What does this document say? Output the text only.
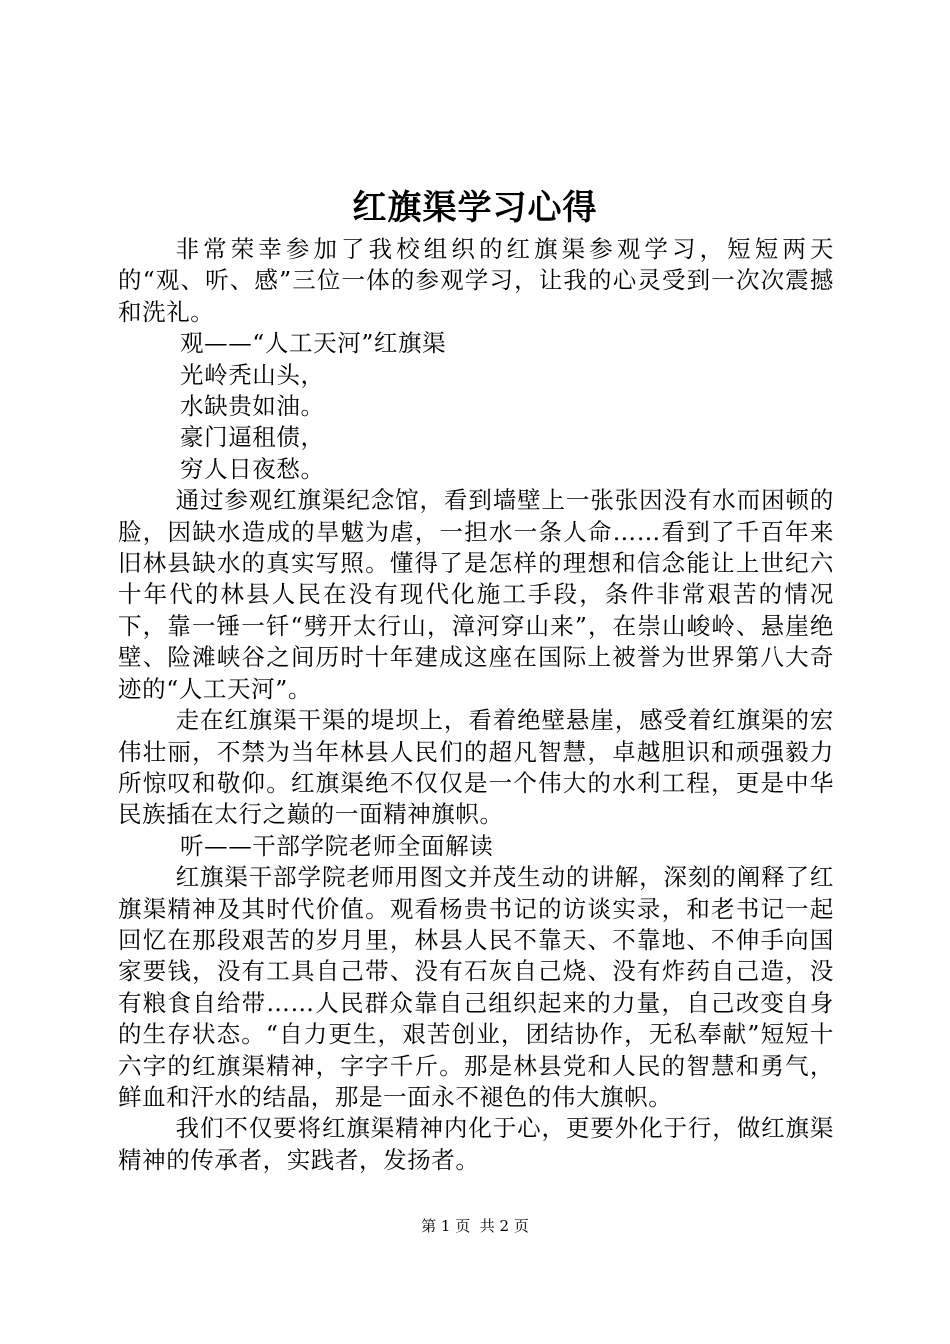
红旗渠学习心得

非常荣幸参加了我校组织的红旗渠参观学习，短短两天的“观、听、感”三位一体的参观学习，让我的心灵受到一次次震撼和洗礼。

观——“人工天河”红旗渠

光岭秃山头，

水缺贵如油。

豪门逼租债，

穷人日夜愁。

通过参观红旗渠纪念馆，看到墙壁上一张张因没有水而困顿的脸，因缺水造成的旱魃为虐，一担水一条人命……看到了千百年来旧林县缺水的真实写照。懂得了是怎样的理想和信念能让上世纪六十年代的林县人民在没有现代化施工手段，条件非常艰苦的情况下，靠一锤一钎“劈开太行山，漳河穿山来”，在崇山峻岭、悬崖绝壁、险滩峡谷之间历时十年建成这座在国际上被誉为世界第八大奇迹的“人工天河”。

走在红旗渠干渠的堤坝上，看着绝壁悬崖，感受着红旗渠的宏伟壮丽，不禁为当年林县人民们的超凡智慧，卓越胆识和顽强毅力所惊叹和敬仰。红旗渠绝不仅仅是一个伟大的水利工程，更是中华民族插在太行之巅的一面精神旗帜。

听——干部学院老师全面解读

红旗渠干部学院老师用图文并茂生动的讲解，深刻的阐释了红旗渠精神及其时代价值。观看杨贵书记的访谈实录，和老书记一起回忆在那段艰苦的岁月里，林县人民不靠天、不靠地、不伸手向国家要钱，没有工具自己带、没有石灰自己烧、没有炸药自己造，没有粮食自给带……人民群众靠自己组织起来的力量，自己改变自身的生存状态。“自力更生，艰苦创业，团结协作，无私奉献”短短十六字的红旗渠精神，字字千斤。那是林县党和人民的智慧和勇气，鲜血和汗水的结晶，那是一面永不褪色的伟大旗帜。

我们不仅要将红旗渠精神内化于心，更要外化于行，做红旗渠精神的传承者，实践者，发扬者。

第 1 页  共 2 页
